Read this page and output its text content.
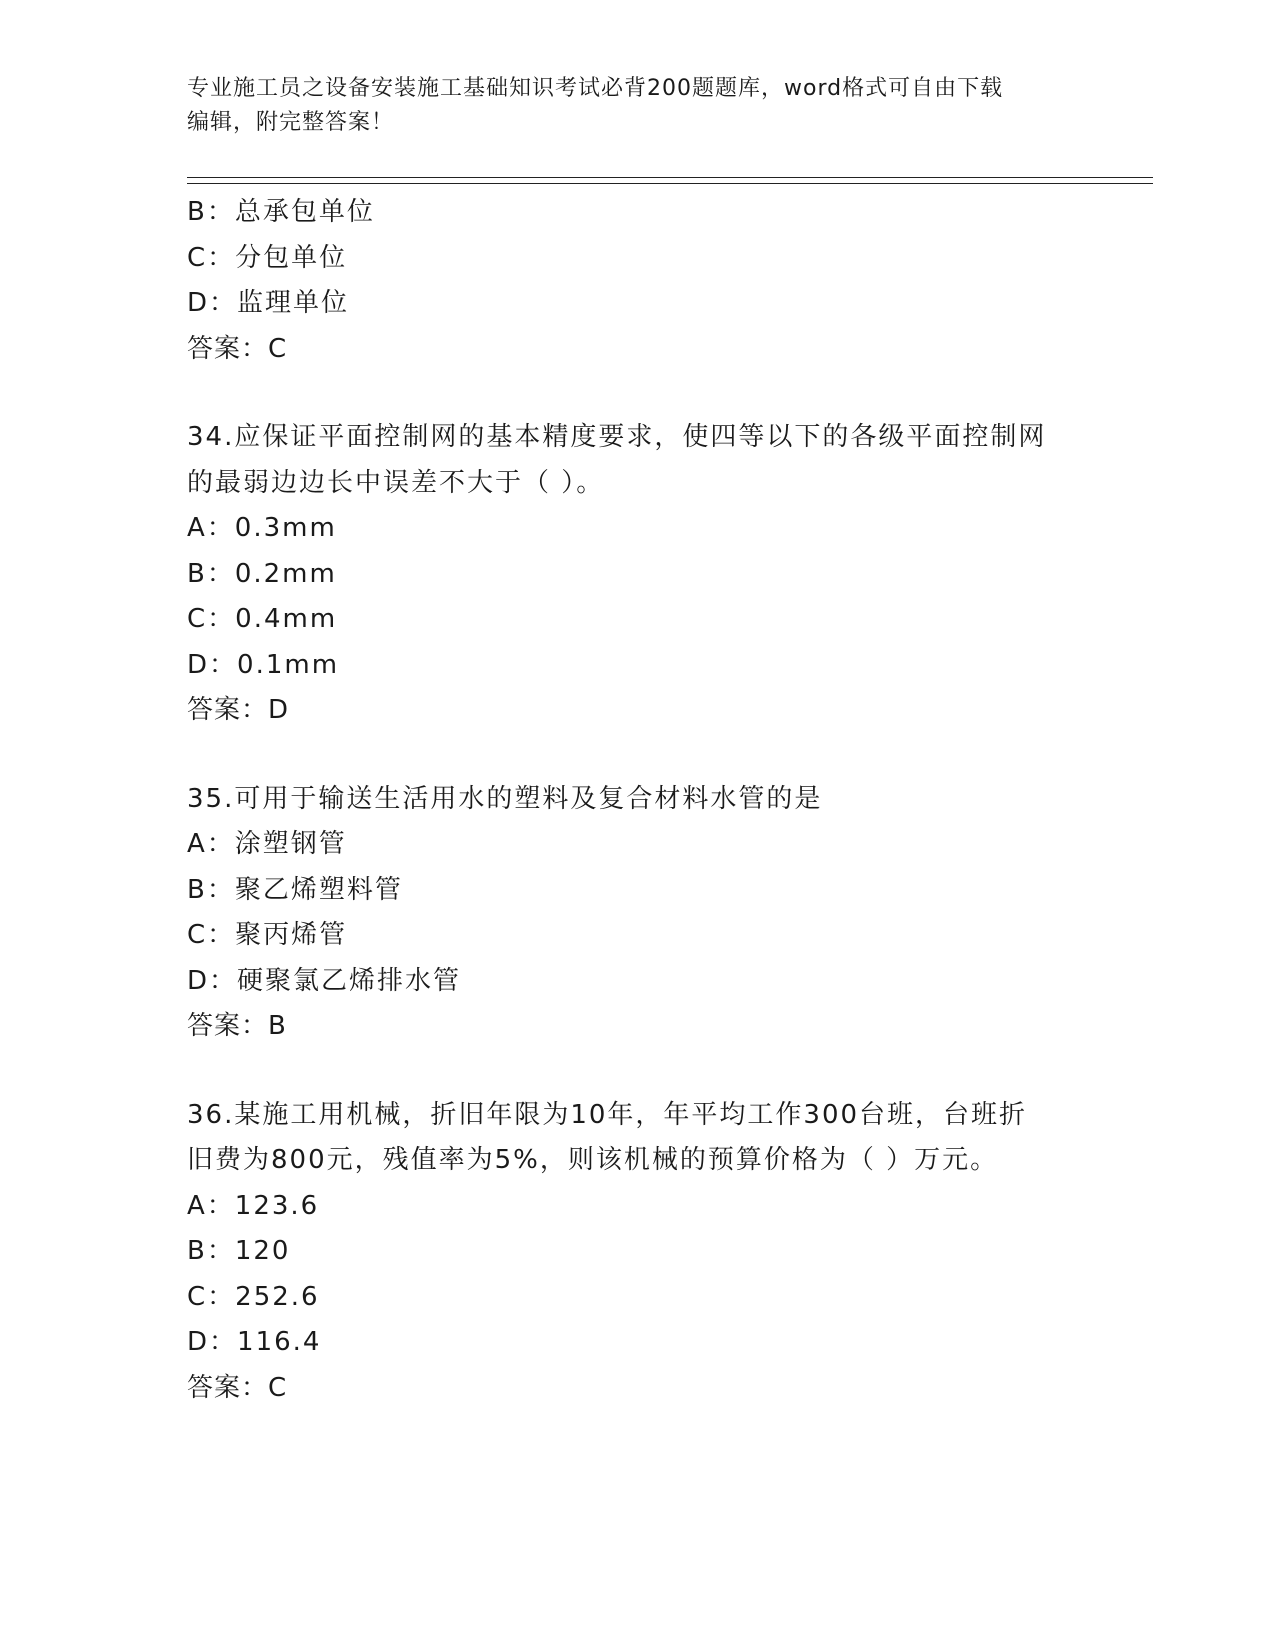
专业施工员之设备安装施工基础知识考试必背200题题库，word格式可自由下载
编辑，附完整答案！
B：总承包单位
C：分包单位
D：监理单位
答案：C
34.应保证平面控制网的基本精度要求，使四等以下的各级平面控制网
的最弱边边长中误差不大于（ ）。
A：0.3mm
B：0.2mm
C：0.4mm
D：0.1mm
答案：D
35.可用于输送生活用水的塑料及复合材料水管的是
A：涂塑钢管
B：聚乙烯塑料管
C：聚丙烯管
D：硬聚氯乙烯排水管
答案：B
36.某施工用机械，折旧年限为10年，年平均工作300台班，台班折
旧费为800元，残值率为5%，则该机械的预算价格为（ ）万元。
A：123.6
B：120
C：252.6
D：116.4
答案：C
